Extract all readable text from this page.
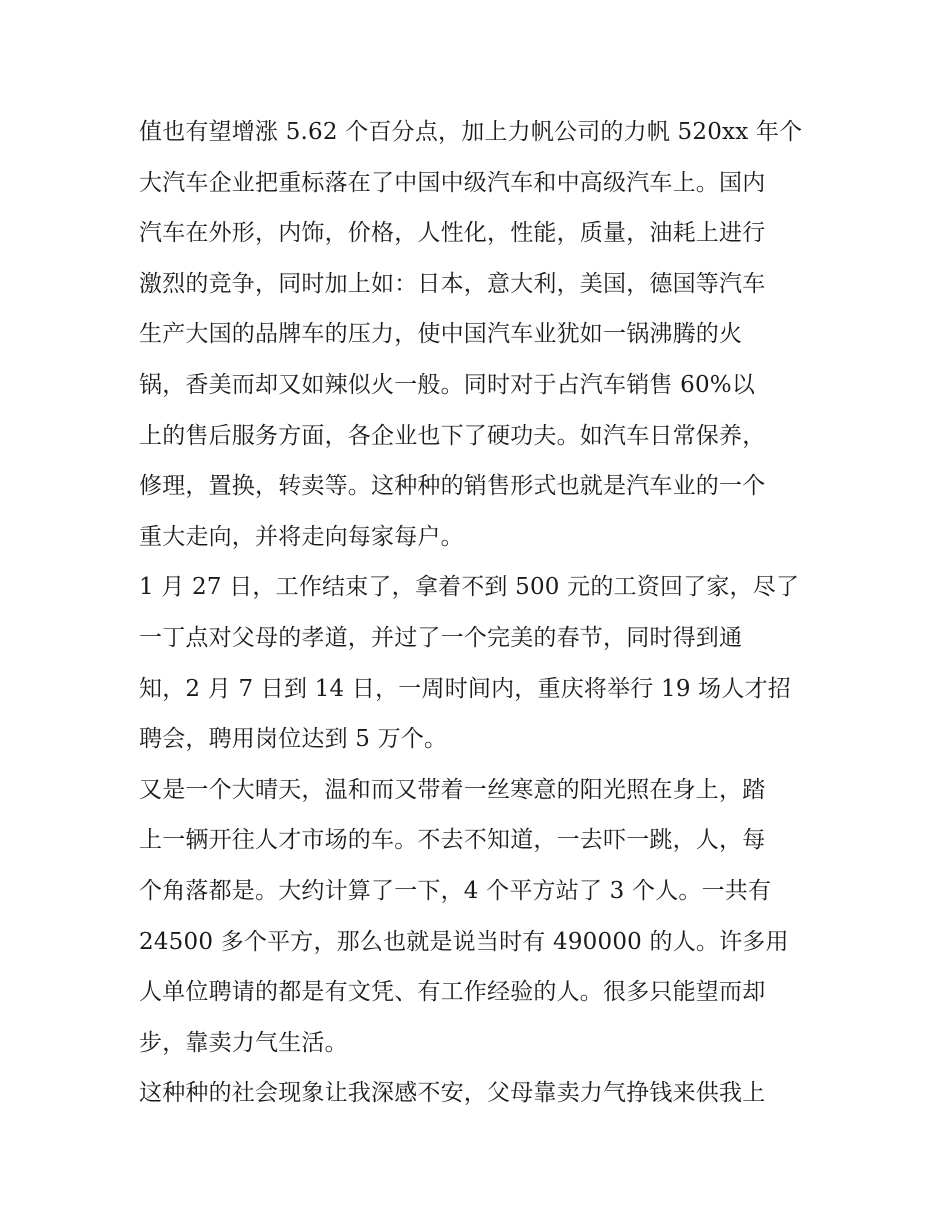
值也有望增涨 5.62 个百分点，加上力帆公司的力帆 520xx 年个
大汽车企业把重标落在了中国中级汽车和中高级汽车上。国内
汽车在外形，内饰，价格，人性化，性能，质量，油耗上进行
激烈的竞争，同时加上如：日本，意大利，美国，德国等汽车
生产大国的品牌车的压力，使中国汽车业犹如一锅沸腾的火
锅，香美而却又如辣似火一般。同时对于占汽车销售 60%以
上的售后服务方面，各企业也下了硬功夫。如汽车日常保养，
修理，置换，转卖等。这种种的销售形式也就是汽车业的一个
重大走向，并将走向每家每户。
1 月 27 日，工作结束了，拿着不到 500 元的工资回了家，尽了
一丁点对父母的孝道，并过了一个完美的春节，同时得到通
知，2 月 7 日到 14 日，一周时间内，重庆将举行 19 场人才招
聘会，聘用岗位达到 5 万个。
又是一个大晴天，温和而又带着一丝寒意的阳光照在身上，踏
上一辆开往人才市场的车。不去不知道，一去吓一跳，人，每
个角落都是。大约计算了一下，4 个平方站了 3 个人。一共有
24500 多个平方，那么也就是说当时有 490000 的人。许多用
人单位聘请的都是有文凭、有工作经验的人。很多只能望而却
步，靠卖力气生活。
这种种的社会现象让我深感不安，父母靠卖力气挣钱来供我上
